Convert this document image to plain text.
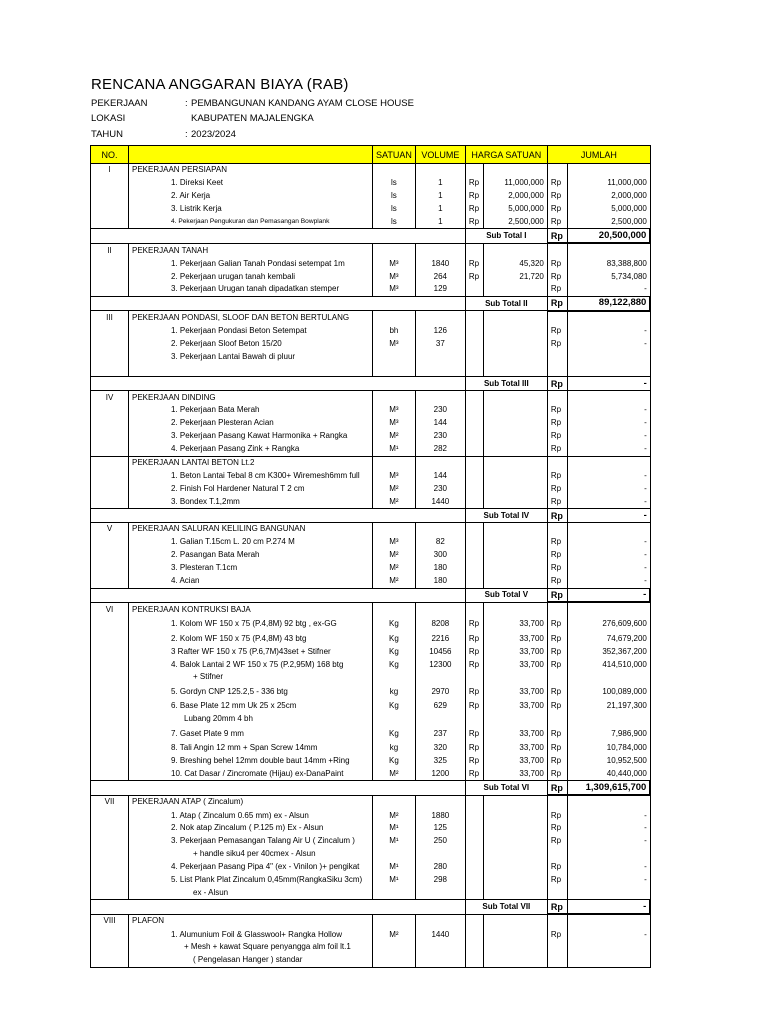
RENCANA ANGGARAN BIAYA (RAB)
PEKERJAAN	: PEMBANGUNAN KANDANG AYAM CLOSE HOUSE
LOKASI	KABUPATEN MAJALENGKA
TAHUN	: 2023/2024
NO.		SATUAN	VOLUME	HARGA SATUAN		JUMLAH	
I	PEKERJAAN PERSIAPAN						
	1. Direksi Keet	ls	1	Rp	11,000,000	Rp	11,000,000
	2. Air Kerja	ls	1	Rp	2,000,000	Rp	2,000,000
	3. Listrik Kerja	ls	1	Rp	5,000,000	Rp	5,000,000
	4. Pekerjaan Pengukuran dan Pemasangan Bowplank	ls	1	Rp	2,500,000	Rp	2,500,000
				Sub Total I		Rp	20,500,000
II	PEKERJAAN TANAH						
	1. Pekerjaan Galian Tanah Pondasi setempat 1m	M³	1840	Rp	45,320	Rp	83,388,800
	2. Pekerjaan urugan tanah kembali	M³	264	Rp	21,720	Rp	5,734,080
	3. Pekerjaan Urugan tanah dipadatkan stemper	M³	129			Rp	-
				Sub Total II		Rp	89,122,880
III	PEKERJAAN PONDASI, SLOOF DAN BETON BERTULANG						
	1. Pekerjaan Pondasi Beton Setempat	bh	126			Rp	-
	2. Pekerjaan Sloof Beton 15/20	M³	37			Rp	-
	3. Pekerjaan Lantai Bawah di pluur						

				Sub Total III		Rp	-
IV	PEKERJAAN DINDING						
	1. Pekerjaan Bata Merah	M³	230			Rp	-
	2. Pekerjaan Plesteran Acian	M³	144			Rp	-
	3. Pekerjaan Pasang Kawat Harmonika + Rangka	M²	230			Rp	-
	4. Pekerjaan Pasang Zink + Rangka	M¹	282			Rp	-
	PEKERJAAN LANTAI BETON Lt.2						
	1. Beton Lantai Tebal 8 cm K300+ Wiremesh6mm full	M³	144			Rp	-
	2. Finish Fol Hardener Natural T 2 cm	M²	230			Rp	-
	3. Bondex T.1,2mm	M²	1440			Rp	-
				Sub Total IV		Rp	-
V	PEKERJAAN SALURAN KELILING BANGUNAN						
	1. Galian T.15cm L. 20 cm P.274 M	M³	82			Rp	-
	2. Pasangan Bata Merah	M²	300			Rp	-
	3. Plesteran T.1cm	M²	180			Rp	-
	4. Acian	M²	180			Rp	-
				Sub Total V		Rp	-
VI	PEKERJAAN KONTRUKSI BAJA						
	1. Kolom WF 150 x 75 (P.4,8M) 92 btg , ex-GG	Kg	8208	Rp	33,700	Rp	276,609,600
	2. Kolom WF 150 x 75 (P.4,8M) 43 btg	Kg	2216	Rp	33,700	Rp	74,679,200
	3 Rafter WF 150 x 75 (P.6,7M)43set + Stifner	Kg	10456	Rp	33,700	Rp	352,367,200
	4. Balok Lantai 2 WF 150 x 75 (P.2,95M) 168 btg	Kg	12300	Rp	33,700	Rp	414,510,000
	+ Stifner						
	5. Gordyn CNP 125.2,5 - 336 btg	kg	2970	Rp	33,700	Rp	100,089,000
	6. Base Plate 12 mm Uk 25 x 25cm	Kg	629	Rp	33,700	Rp	21,197,300
	Lubang 20mm 4 bh						
	7. Gaset Plate 9 mm	Kg	237	Rp	33,700	Rp	7,986,900
	8. Tali Angin 12 mm + Span Screw 14mm	kg	320	Rp	33,700	Rp	10,784,000
	9. Breshing behel 12mm double baut 14mm +Ring	Kg	325	Rp	33,700	Rp	10,952,500
	10. Cat Dasar / Zincromate (Hijau) ex-DanaPaint	M²	1200	Rp	33,700	Rp	40,440,000
				Sub Total VI		Rp	1,309,615,700
VII	PEKERJAAN ATAP ( Zincalum)						
	1. Atap ( Zincalum 0.65 mm) ex - Alsun	M²	1880			Rp	-
	2. Nok atap Zincalum ( P.125 m) Ex - Alsun	M¹	125			Rp	-
	3. Pekerjaan Pemasangan Talang Air U ( Zincalum )	M¹	250			Rp	-
	+ handle siku4 per 40cmex - Alsun						
	4. Pekerjaan Pasang Pipa 4" (ex - Vinilon )+ pengikat	M¹	280			Rp	-
	5. List Plank Plat Zincalum 0,45mm(RangkaSiku 3cm)	M¹	298			Rp	-
	ex - Alsun						
				Sub Total VII		Rp	-
VIII	PLAFON						
	1. Alumunium Foil & Glasswool+ Rangka Hollow	M²	1440			Rp	-
	+ Mesh + kawat Square penyangga alm foil lt.1						
	( Pengelasan Hanger ) standar						
